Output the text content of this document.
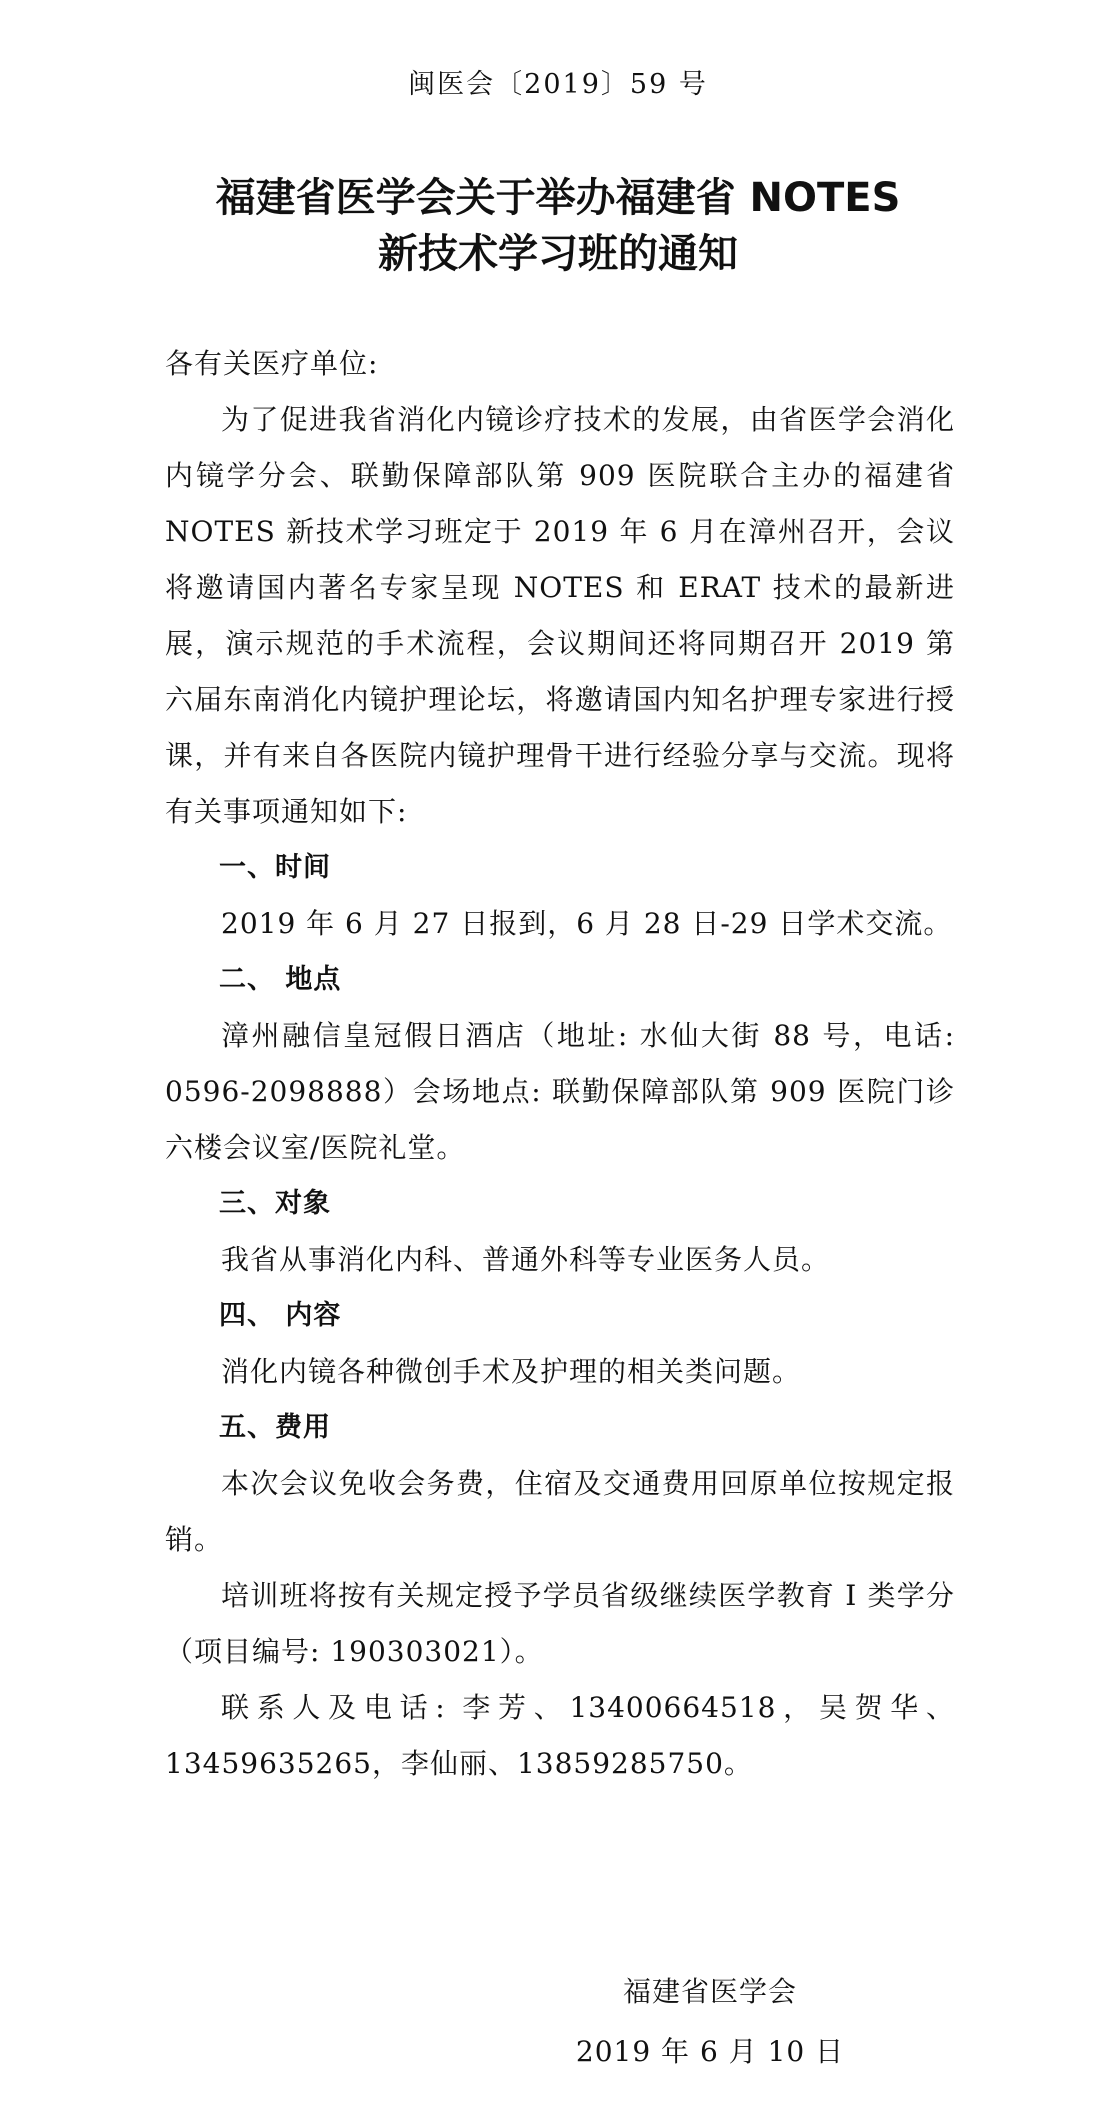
闽医会〔2019〕59 号
福建省医学会关于举办福建省 NOTES
新技术学习班的通知

各有关医疗单位:

为了促进我省消化内镜诊疗技术的发展，由省医学会消化内镜学分会、联勤保障部队第 909 医院联合主办的福建省 NOTES 新技术学习班定于 2019 年 6 月在漳州召开，会议将邀请国内著名专家呈现 NOTES 和 ERAT 技术的最新进展，演示规范的手术流程，会议期间还将同期召开 2019 第六届东南消化内镜护理论坛，将邀请国内知名护理专家进行授课，并有来自各医院内镜护理骨干进行经验分享与交流。现将有关事项通知如下:

一、时间

2019 年 6 月 27 日报到，6 月 28 日-29 日学术交流。

二、 地点

漳州融信皇冠假日酒店（地址: 水仙大街 88 号，电话: 0596-2098888）会场地点: 联勤保障部队第 909 医院门诊六楼会议室/医院礼堂。

三、对象

我省从事消化内科、普通外科等专业医务人员。

四、 内容

消化内镜各种微创手术及护理的相关类问题。

五、费用

本次会议免收会务费，住宿及交通费用回原单位按规定报销。

培训班将按有关规定授予学员省级继续医学教育 I 类学分（项目编号: 190303021）。

联系人及电话: 李芳、13400664518，吴贺华、13459635265，李仙丽、13859285750。

福建省医学会
2019 年 6 月 10 日
